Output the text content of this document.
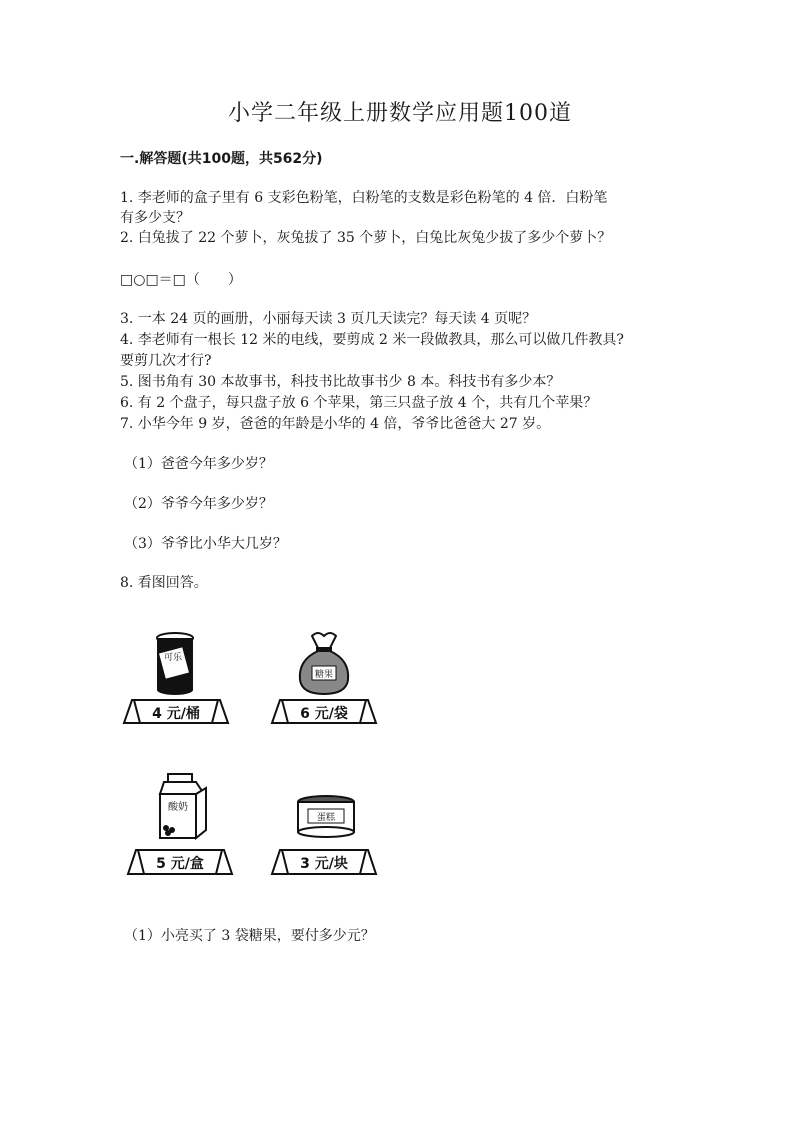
小学二年级上册数学应用题100道
一.解答题(共100题，共562分)
1. 李老师的盒子里有 6 支彩色粉笔，白粉笔的支数是彩色粉笔的 4 倍．白粉笔
有多少支？
2. 白兔拔了 22 个萝卜，灰兔拔了 35 个萝卜，白兔比灰兔少拔了多少个萝卜？
□○□＝□（　　）
3. 一本 24 页的画册，小丽每天读 3 页几天读完？每天读 4 页呢？
4. 李老师有一根长 12 米的电线，要剪成 2 米一段做教具，那么可以做几件教具?
要剪几次才行?
5. 图书角有 30 本故事书，科技书比故事书少 8 本。科技书有多少本？
6. 有 2 个盘子，每只盘子放 6 个苹果，第三只盘子放 4 个，共有几个苹果？
7. 小华今年 9 岁，爸爸的年龄是小华的 4 倍，爷爷比爸爸大 27 岁。
（1）爸爸今年多少岁？
（2）爷爷今年多少岁？
（3）爷爷比小华大几岁？
8. 看图回答。
可乐
4 元/桶
糖果
6 元/袋
酸奶
5 元/盒
蛋糕
3 元/块
（1）小亮买了 3 袋糖果，要付多少元？
